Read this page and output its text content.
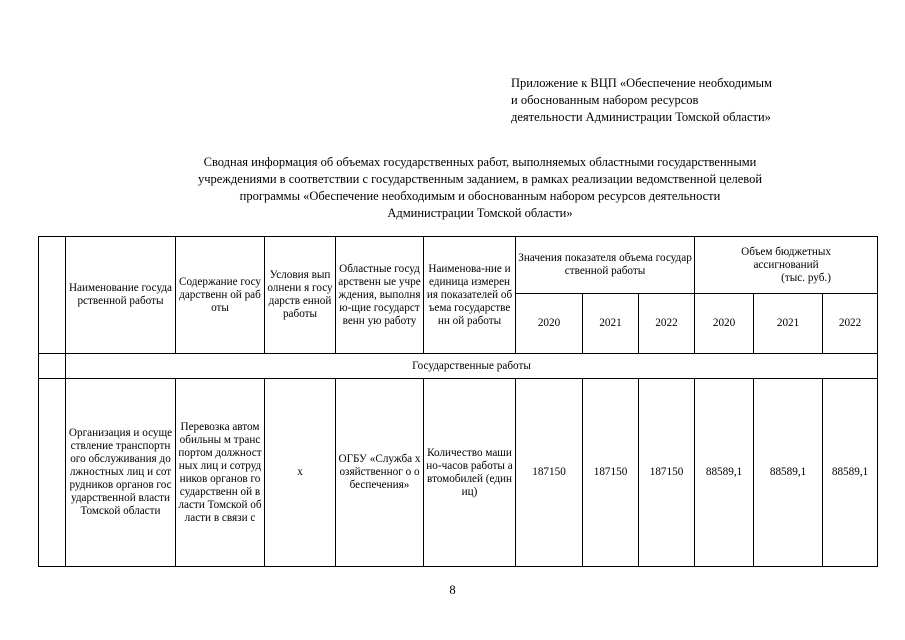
Приложение к ВЦП «Обеспечение необходимым
и обоснованным набором ресурсов
деятельности Администрации Томской области»
Сводная информация об объемах государственных работ, выполняемых областными государственными
учреждениями в соответствии с государственным заданием, в рамках реализации ведомственной целевой
программы «Обеспечение необходимым и обоснованным набором ресурсов деятельности
Администрации Томской области»
	Наименование государственной работы	Содержание государственн ой работы	Условия выполнени я государств енной работы	Областные государственн ые учреждения, выполняю-щие государственн ую работу	Наименова-ние и единица измерения показателей объема государственн ой работы	Значения показателя объема государственной работы			Объем бюджетных
ассигнований
(тыс. руб.)		

						2020	2021	2022	2020	2021	2022
	Государственные работы										
	Организация и осуществление транспортного обслуживания должностных лиц и сотрудников органов государственной власти Томской области	Перевозка автомобильны м транспортом должностных лиц и сотрудников органов государственн ой власти Томской области в связи с	х	ОГБУ «Служба хозяйственног о обеспечения»	Количество машино-часов работы автомобилей (единиц)	187150	187150	187150	88589,1	88589,1	88589,1
8
